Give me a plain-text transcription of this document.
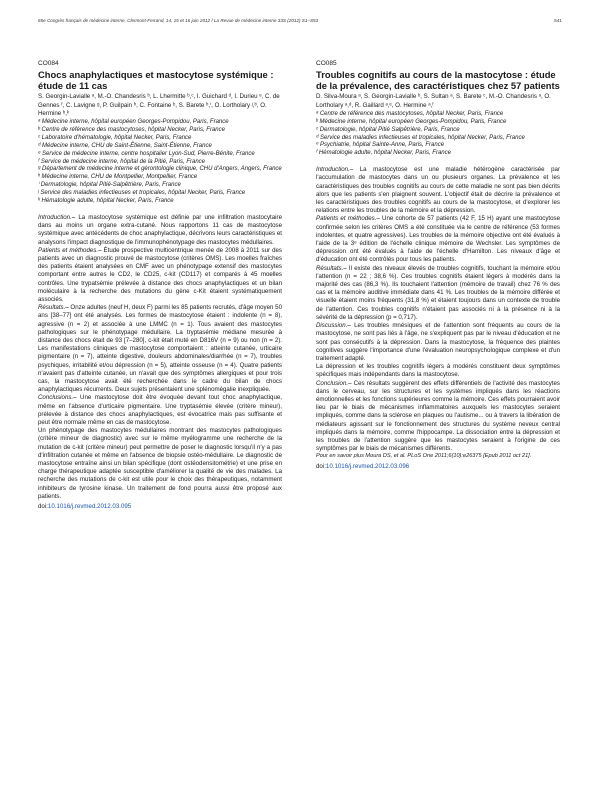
65e Congrès français de médecine interne, Clermont-Ferrand, 14, 15 et 16 juin 2012 / La Revue de médecine interne 33S (2012) S1–S53	S41
CO084
Chocs anaphylactiques et mastocytose systémique : étude de 11 cas
S. Georgin-Lavialle ᵃ, M.-O. Chandesris ᵇ, L. Lhermitte ᵇ,ᶜ, I. Guichard ᵈ, I. Durieu ᵉ, C. de Gennes ᶠ, C. Lavigne ᵍ, P. Guilpain ʰ, C. Fontaine ᵇ, S. Barete ʰ,ⁱ, O. Lortholary ʲ,ᵇ, O. Hermine ᵇ,ᵏ
ᵃ Médecine interne, hôpital européen Georges-Pompidou, Paris, France
ᵇ Centre de référence des mastocytoses, hôpital Necker, Paris, France
ᶜ Laboratoire d'hématologie, hôpital Necker, Paris, France
ᵈ Médecine interne, CHU de Saint-Étienne, Saint-Étienne, France
ᵉ Service de médecine interne, centre hospitalier Lyon-Sud, Pierre-Bénite, France
ᶠ Service de médecine interne, hôpital de la Pitié, Paris, France
ᵍ Département de médecine interne et gérontologie clinique, CHU d'Angers, Angers, France
ʰ Médecine interne, CHU de Montpellier, Montpellier, France
ⁱ Dermatologie, hôpital Pitié-Salpêtrière, Paris, France
ʲ Service des maladies infectieuses et tropicales, hôpital Necker, Paris, France
ᵏ Hématologie adulte, hôpital Necker, Paris, France

Introduction.– La mastocytose systémique est définie par une infiltration mastocytaire dans au moins un organe extra-cutané. Nous rapportons 11 cas de mastocytose systémique avec antécédents de choc anaphylactique, décrivons leurs caractéristiques et analysons l'impact diagnostique de l'immunophénotypage des mastocytes médullaires.

Patients et méthodes.– Étude prospective multicentrique menée de 2008 à 2011 sur des patients avec un diagnostic prouvé de mastocytose (critères OMS). Les moelles fraîches des patients étaient analysées en CMF avec un phénotypage extensif des mastocytes comportant entre autres le CD2, le CD25, c-kit (CD117) et comparés à 45 moelles contrôles. Une trypatsémie prélevée à distance des chocs anaphylactiques et un bilan moléculaire à la recherche des mutations du gène c-Kit étaient systématiquement associés.

Résultats.– Onze adultes (neuf H, deux F) parmi les 85 patients recrutés, d'âge moyen 50 ans [38–77] ont été analysés. Les formes de mastocytose étaient : indolente (n = 8), agressive (n = 2) et associée à une LMMC (n = 1). Tous avaient des mastocytes pathologiques sur le phénotypage médullaire. La tryptasémie médiane mesurée à distance des chocs était de 93 [7–280], c-kit était muté en D816V (n = 9) ou non (n = 2). Les manifestations cliniques de mastocytose comportaient : atteinte cutanée, urticaire pigmentaire (n = 7), atteinte digestive, douleurs abdominales/diarrhée (n = 7), troubles psychiques, irritabilité et/ou dépression (n = 5), atteinte osseuse (n = 4). Quatre patients n'avaient pas d'atteinte cutanée, un n'avait que des symptômes allergiques et pour trois cas, la mastocytose avait été recherchée dans le cadre du bilan de chocs anaphylactiques récurrents. Deux sujets présentaient une splénomégalie inexpliquée.

Conclusions.– Une mastocytose doit être évoquée devant tout choc anaphylactique, même en l'absence d'urticaire pigmentaire. Une tryptasémie élevée (critère mineur), prélevée à distance des chocs anaphylactiques, est évocatrice mais pas suffisante et peut être normale même en cas de mastocytose.

Un phénotypage des mastocytes médullaires montrant des mastocytes pathologiques (critère mineur de diagnostic) avec sur le même myélogramme une recherche de la mutation de c-kit (critère mineur) peut permettre de poser le diagnostic lorsqu'il n'y a pas d'infiltration cutanée et même en l'absence de biopsie ostéo-médullaire. Le diagnostic de mastocytose entraîne ainsi un bilan spécifique (dont ostéodensitométrie) et une prise en charge thérapeutique adaptée susceptible d'améliorer la qualité de vie des malades. La recherche des mutations de c-kit est utile pour le choix des thérapeutiques, notamment inhibiteurs de tyrosine kinase. Un traitement de fond pourra aussi être proposé aux patients.

doi:10.1016/j.revmed.2012.03.095
CO085
Troubles cognitifs au cours de la mastocytose : étude de la prévalence, des caractéristiques chez 57 patients
D. Silva-Moura ᵃ, S. Georgin-Lavialle ᵇ, S. Sultan ᵃ, S. Barete ᶜ, M.-O. Chandesris ᵃ, O. Lortholary ᵃ,ᵈ, R. Gaillard ᵃ,ᵉ, O. Hermine ᵃ,ᶠ
ᵃ Centre de référence des mastocytoses, hôpital Necker, Paris, France
ᵇ Médecine interne, hôpital européen Georges-Pompidou, Paris, France
ᶜ Dermatologie, hôpital Pitié Salpêtrière, Paris, France
ᵈ Service des maladies infectieuses et tropicales, hôpital Necker, Paris, France
ᵉ Psychiatrie, hôpital Sainte-Anne, Paris, France
ᶠ Hématologie adulte, hôpital Necker, Paris, France

Introduction.– La mastocytose est une maladie hétérogène caractérisée par l'accumulation de mastocytes dans un ou plusieurs organes. La prévalence et les caractéristiques des troubles cognitifs au cours de cette maladie ne sont pas bien décrits alors que les patients s'en plaignent souvent. L'objectif était de décrire la prévalence et les caractéristiques des troubles cognitifs au cours de la mastocytose, et d'explorer les relations entre les troubles de la mémoire et la dépression.

Patients et méthodes.– Une cohorte de 57 patients (42 F, 15 H) ayant une mastocytose confirmée selon les critères OMS a été constituée via le centre de référence (53 formes indolentes, et quatre agressives). Les troubles de la mémoire objective ont été évalués à l'aide de la 3ᵉ édition de l'échelle clinique mémoire de Wechsler. Les symptômes de dépression ont été évalués à l'aide de l'échelle d'Hamilton. Les niveaux d'âge et d'éducation ont été contrôlés pour tous les patients.

Résultats.– Il existe des niveaux élevés de troubles cognitifs, touchant la mémoire et/ou l'attention (n = 22 ; 38,6 %). Ces troubles cognitifs étaient légers à modérés dans la majorité des cas (86,3 %). Ils touchaient l'attention (mémoire de travail) chez 76 % des cas et la mémoire auditive immédiate dans 41 %. Les troubles de la mémoire différée et visuelle étaient moins fréquents (31,8 %) et étaient toujours dans un contexte de trouble de l'attention. Ces troubles cognitifs n'étaient pas associés ni à la présence ni à la sévérité de la dépression (p = 0,717).

Discussion.– Les troubles mnésiques et de l'attention sont fréquents au cours de la mastocytose, ne sont pas liés à l'âge, ne s'expliquent pas par le niveau d'éducation et ne sont pas consécutifs à la dépression. Dans la mastocytose, la fréquence des plaintes cognitives suggère l'importance d'une l'évaluation neuropsychologique complexe et d'un traitement adapté.

La dépression et les troubles cognitifs légers à modérés constituent deux symptômes spécifiques mais indépendants dans la mastocytose.

Conclusion.– Ces résultats suggèrent des effets différentiels de l'activité des mastocytes dans le cerveau, sur les structures et les systèmes impliqués dans les réactions émotionnelles et les fonctions supérieures comme la mémoire. Ces effets pourraient avoir lieu par le biais de mécanismes inflammatoires auxquels les mastocytes seraient impliqués, comme dans la sclérose en plaques ou l'autisme... ou à travers la libération de médiateurs agissant sur le fonctionnement des structures du système neveux central impliqués dans la mémoire, comme l'hippocampe. La dissociation entre la dépression et les troubles de l'attention suggère que les mastocytes seraient à l'origine de ces symptômes par le biais de mécanismes différents.

Pour en savoir plus Moura DS, et al. PLoS One 2011;6(10):e26375 [Epub 2011 oct 21].

doi:10.1016/j.revmed.2012.03.096
